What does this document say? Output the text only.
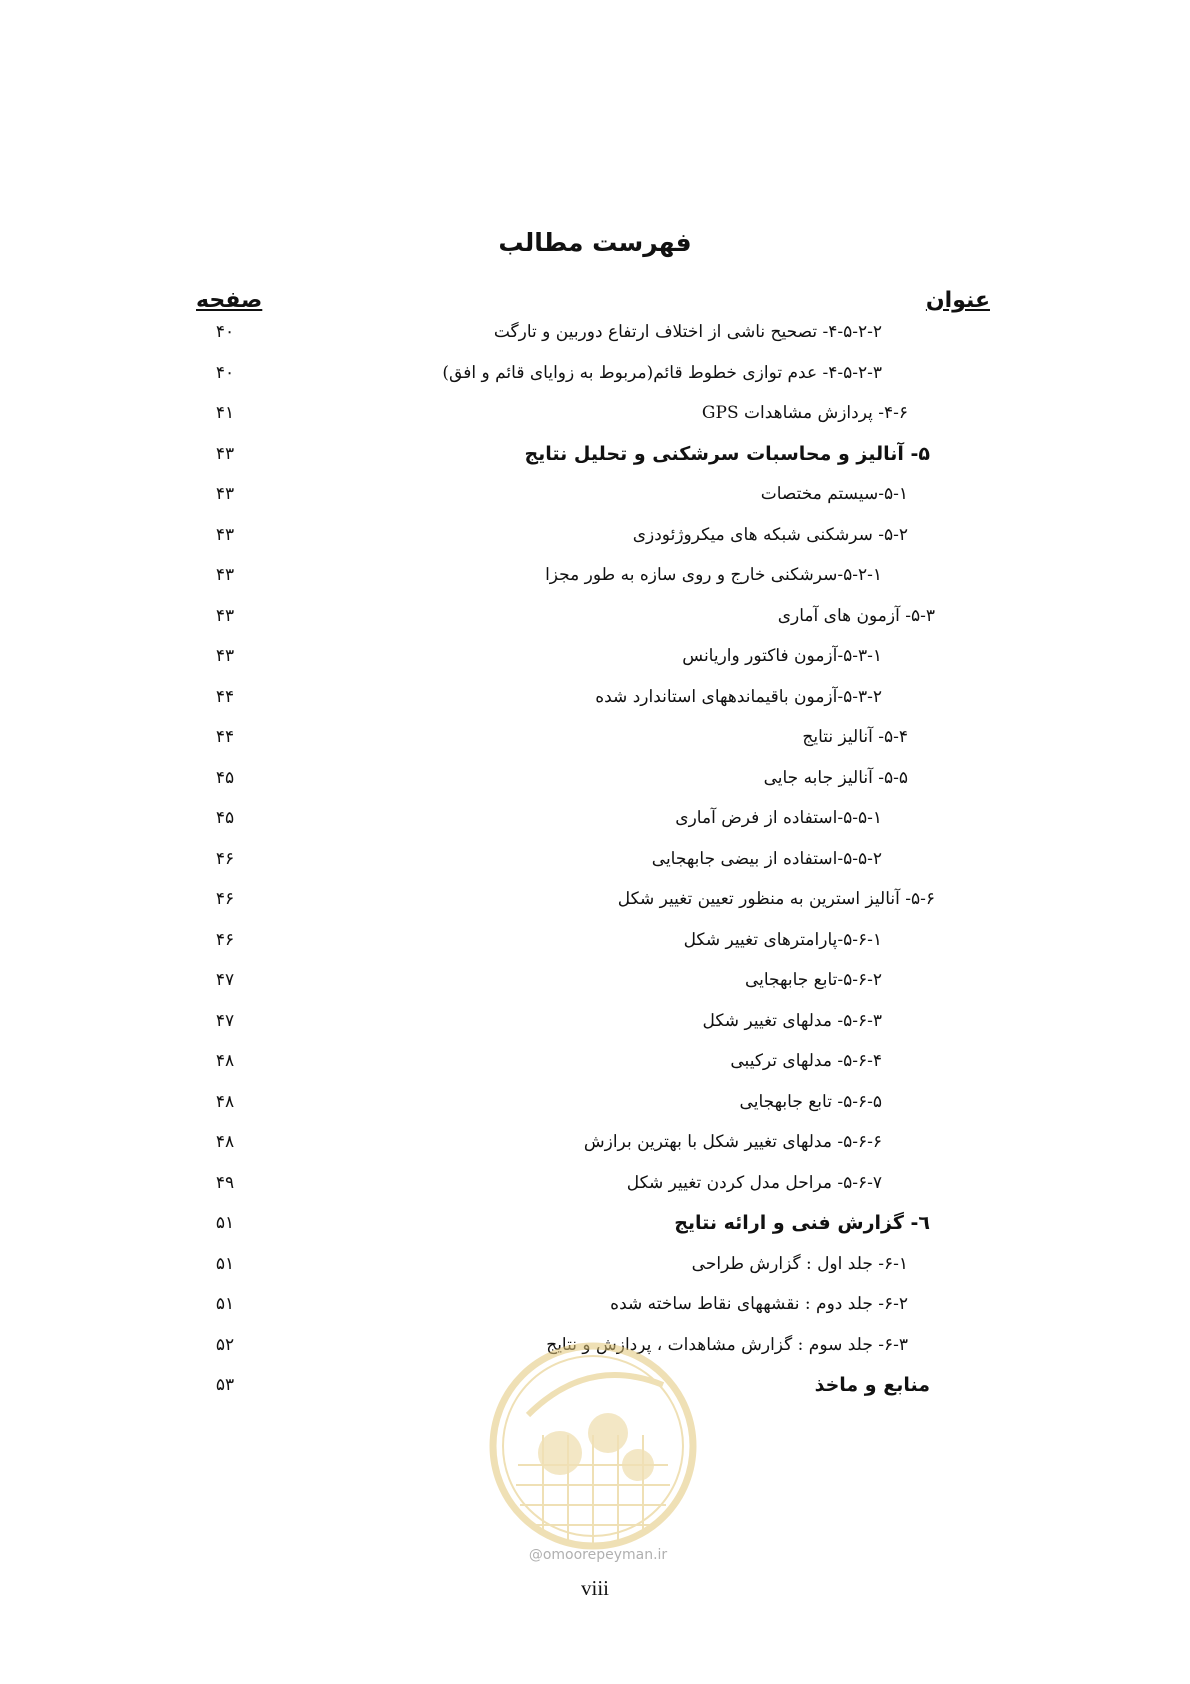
فهرست مطالب
عنوان
صفحه
۴-۵-۲-۲- تصحیح ناشی از اختلاف ارتفاع دوربین و تارگت
۴۰
۴-۵-۲-۳- عدم توازی خطوط قائم(مربوط به زوایای قائم و افق)
۴۰
۴-۶- پردازش مشاهدات GPS
۴۱
۵- آنالیز و محاسبات سرشکنی و تحلیل نتایج
۴۳
۵-۱-سیستم مختصات
۴۳
۵-۲- سرشکنی شبکه های میکروژئودزی
۴۳
۵-۲-۱-سرشکنی خارج و روی سازه به طور مجزا
۴۳
۵-۳- آزمون های آماری
۴۳
۵-۳-۱-آزمون فاکتور واریانس
۴۳
۵-۳-۲-آزمون باقیماندههای استاندارد شده
۴۴
۵-۴- آنالیز نتایج
۴۴
۵-۵- آنالیز جابه جایی
۴۵
۵-۵-۱-استفاده از فرض آماری
۴۵
۵-۵-۲-استفاده از بیضی جابهجایی
۴۶
۵-۶- آنالیز استرین به منظور تعیین تغییر شکل
۴۶
۵-۶-۱-پارامترهای تغییر شکل
۴۶
۵-۶-۲-تابع جابهجایی
۴۷
۵-۶-۳- مدلهای تغییر شکل
۴۷
۵-۶-۴- مدلهای ترکیبی
۴۸
۵-۶-۵- تابع جابهجایی
۴۸
۵-۶-۶- مدلهای تغییر شکل با بهترین برازش
۴۸
۵-۶-۷- مراحل مدل کردن تغییر شکل
۴۹
٦- گزارش فنی و ارائه نتایج
۵۱
۶-۱- جلد اول : گزارش طراحی
۵۱
۶-۲- جلد دوم : نقشههای نقاط ساخته شده
۵۱
۶-۳- جلد سوم : گزارش مشاهدات ، پردازش و نتایج
۵۲
منابع و ماخذ
۵۳
@omoorepeyman.ir
viii
